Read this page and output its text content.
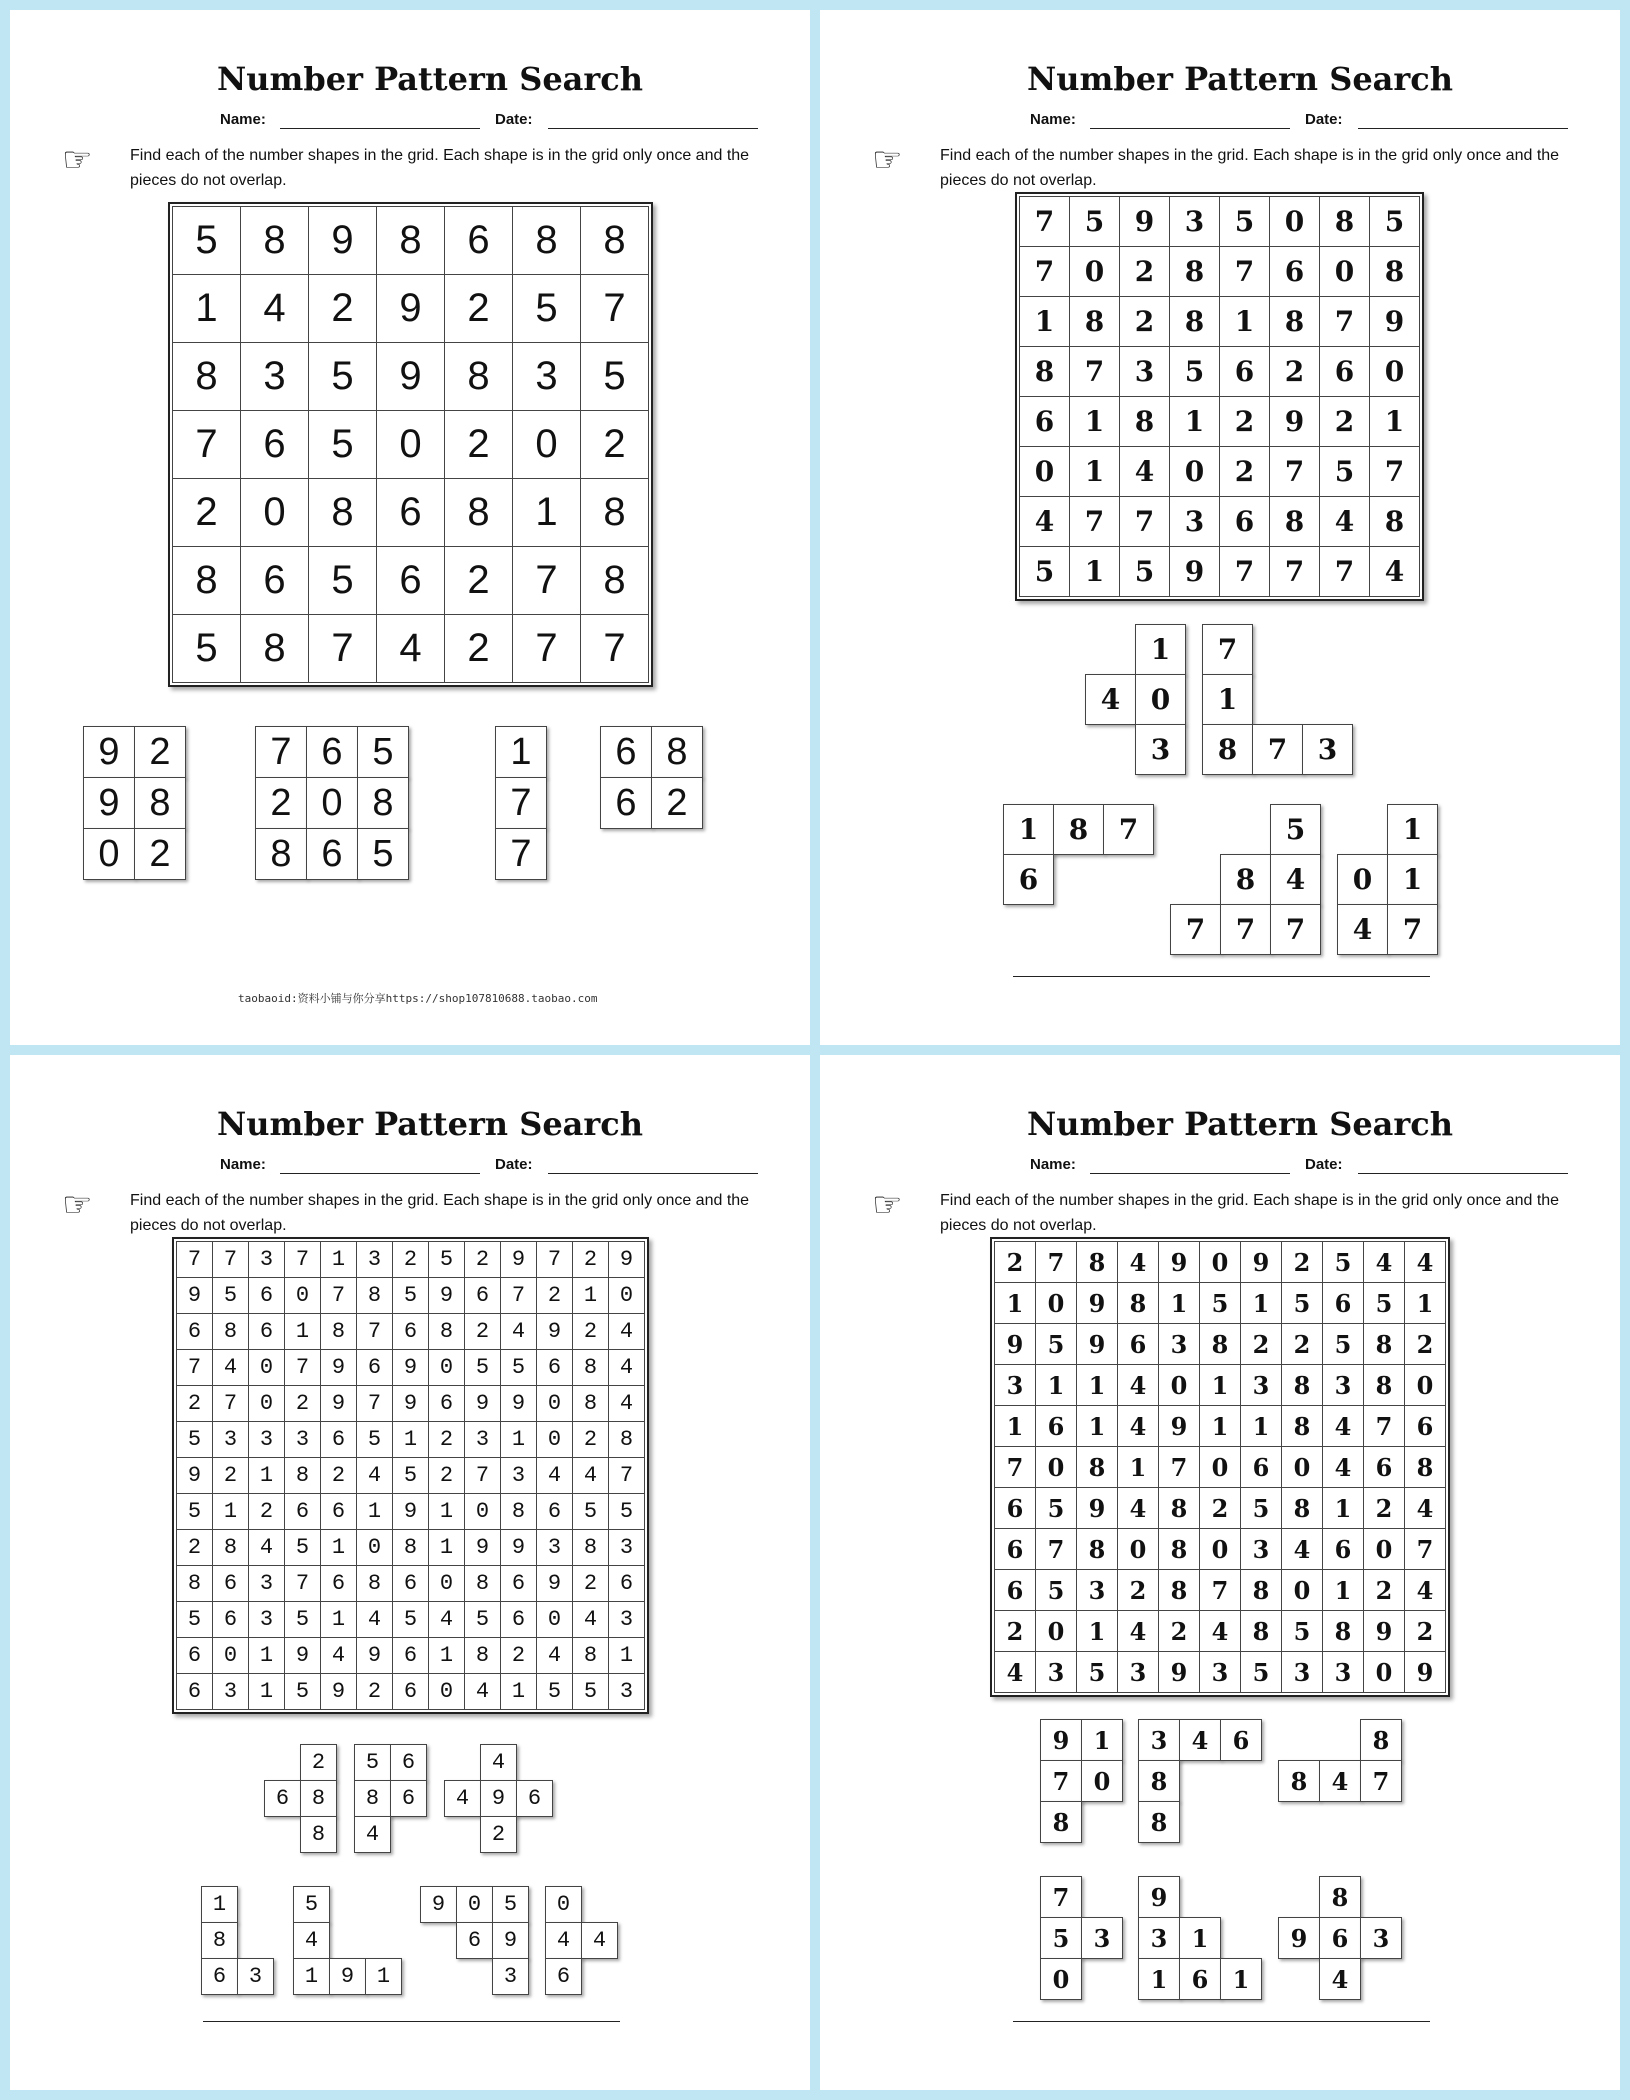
Number Pattern Search
Name:	Date:
☞ Find each of the number shapes in the grid. Each shape is in the grid only once and the pieces do not overlap.
5	8	9	8	6	8	8
1	4	2	9	2	5	7
8	3	5	9	8	3	5
7	6	5	0	2	0	2
2	0	8	6	8	1	8
8	6	5	6	2	7	8
5	8	7	4	2	7	7
9 2
9 8
0 2
7 6 5
2 0 8
8 6 5
1
7
7
6 8
6 2
taobaoid:资料小铺与你分享https://shop107810688.taobao.com
Number Pattern Search
Name:	Date:
☞ Find each of the number shapes in the grid. Each shape is in the grid only once and the pieces do not overlap.
7	5	9	3	5	0	8	5
7	0	2	8	7	6	0	8
1	8	2	8	1	8	7	9
8	7	3	5	6	2	6	0
6	1	8	1	2	9	2	1
0	1	4	0	2	7	5	7
4	7	7	3	6	8	4	8
5	1	5	9	7	7	7	4
1
4	0
3
7
1
8	7	3
1	8	7
6
5
8	4
7	7	7
1
0	1
4	7
Number Pattern Search
Name:	Date:
☞ Find each of the number shapes in the grid. Each shape is in the grid only once and the pieces do not overlap.
7	7	3	7	1	3	2	5	2	9	7	2	9
9	5	6	0	7	8	5	9	6	7	2	1	0
6	8	6	1	8	7	6	8	2	4	9	2	4
7	4	0	7	9	6	9	0	5	5	6	8	4
2	7	0	2	9	7	9	6	9	9	0	8	4
5	3	3	3	6	5	1	2	3	1	0	2	8
9	2	1	8	2	4	5	2	7	3	4	4	7
5	1	2	6	6	1	9	1	0	8	6	5	5
2	8	4	5	1	0	8	1	9	9	3	8	3
8	6	3	7	6	8	6	0	8	6	9	2	6
5	6	3	5	1	4	5	4	5	6	0	4	3
6	0	1	9	4	9	6	1	8	2	4	8	1
6	3	1	5	9	2	6	0	4	1	5	5	3
2
6	8
8
5	6
8	6
4
4
4	9	6
2
1
8
6	3
5
4
1	9	1
9	0	5
6	9
3
0
4	4
6
Number Pattern Search
Name:	Date:
☞ Find each of the number shapes in the grid. Each shape is in the grid only once and the pieces do not overlap.
2	7	8	4	9	0	9	2	5	4	4
1	0	9	8	1	5	1	5	6	5	1
9	5	9	6	3	8	2	2	5	8	2
3	1	1	4	0	1	3	8	3	8	0
1	6	1	4	9	1	1	8	4	7	6
7	0	8	1	7	0	6	0	4	6	8
6	5	9	4	8	2	5	8	1	2	4
6	7	8	0	8	0	3	4	6	0	7
6	5	3	2	8	7	8	0	1	2	4
2	0	1	4	2	4	8	5	8	9	2
4	3	5	3	9	3	5	3	3	0	9
9	1
7	0
8
3	4	6
8
8
8
8	4	7
7
5	3
0
9
3	1
1	6	1
8
9	6	3
4
